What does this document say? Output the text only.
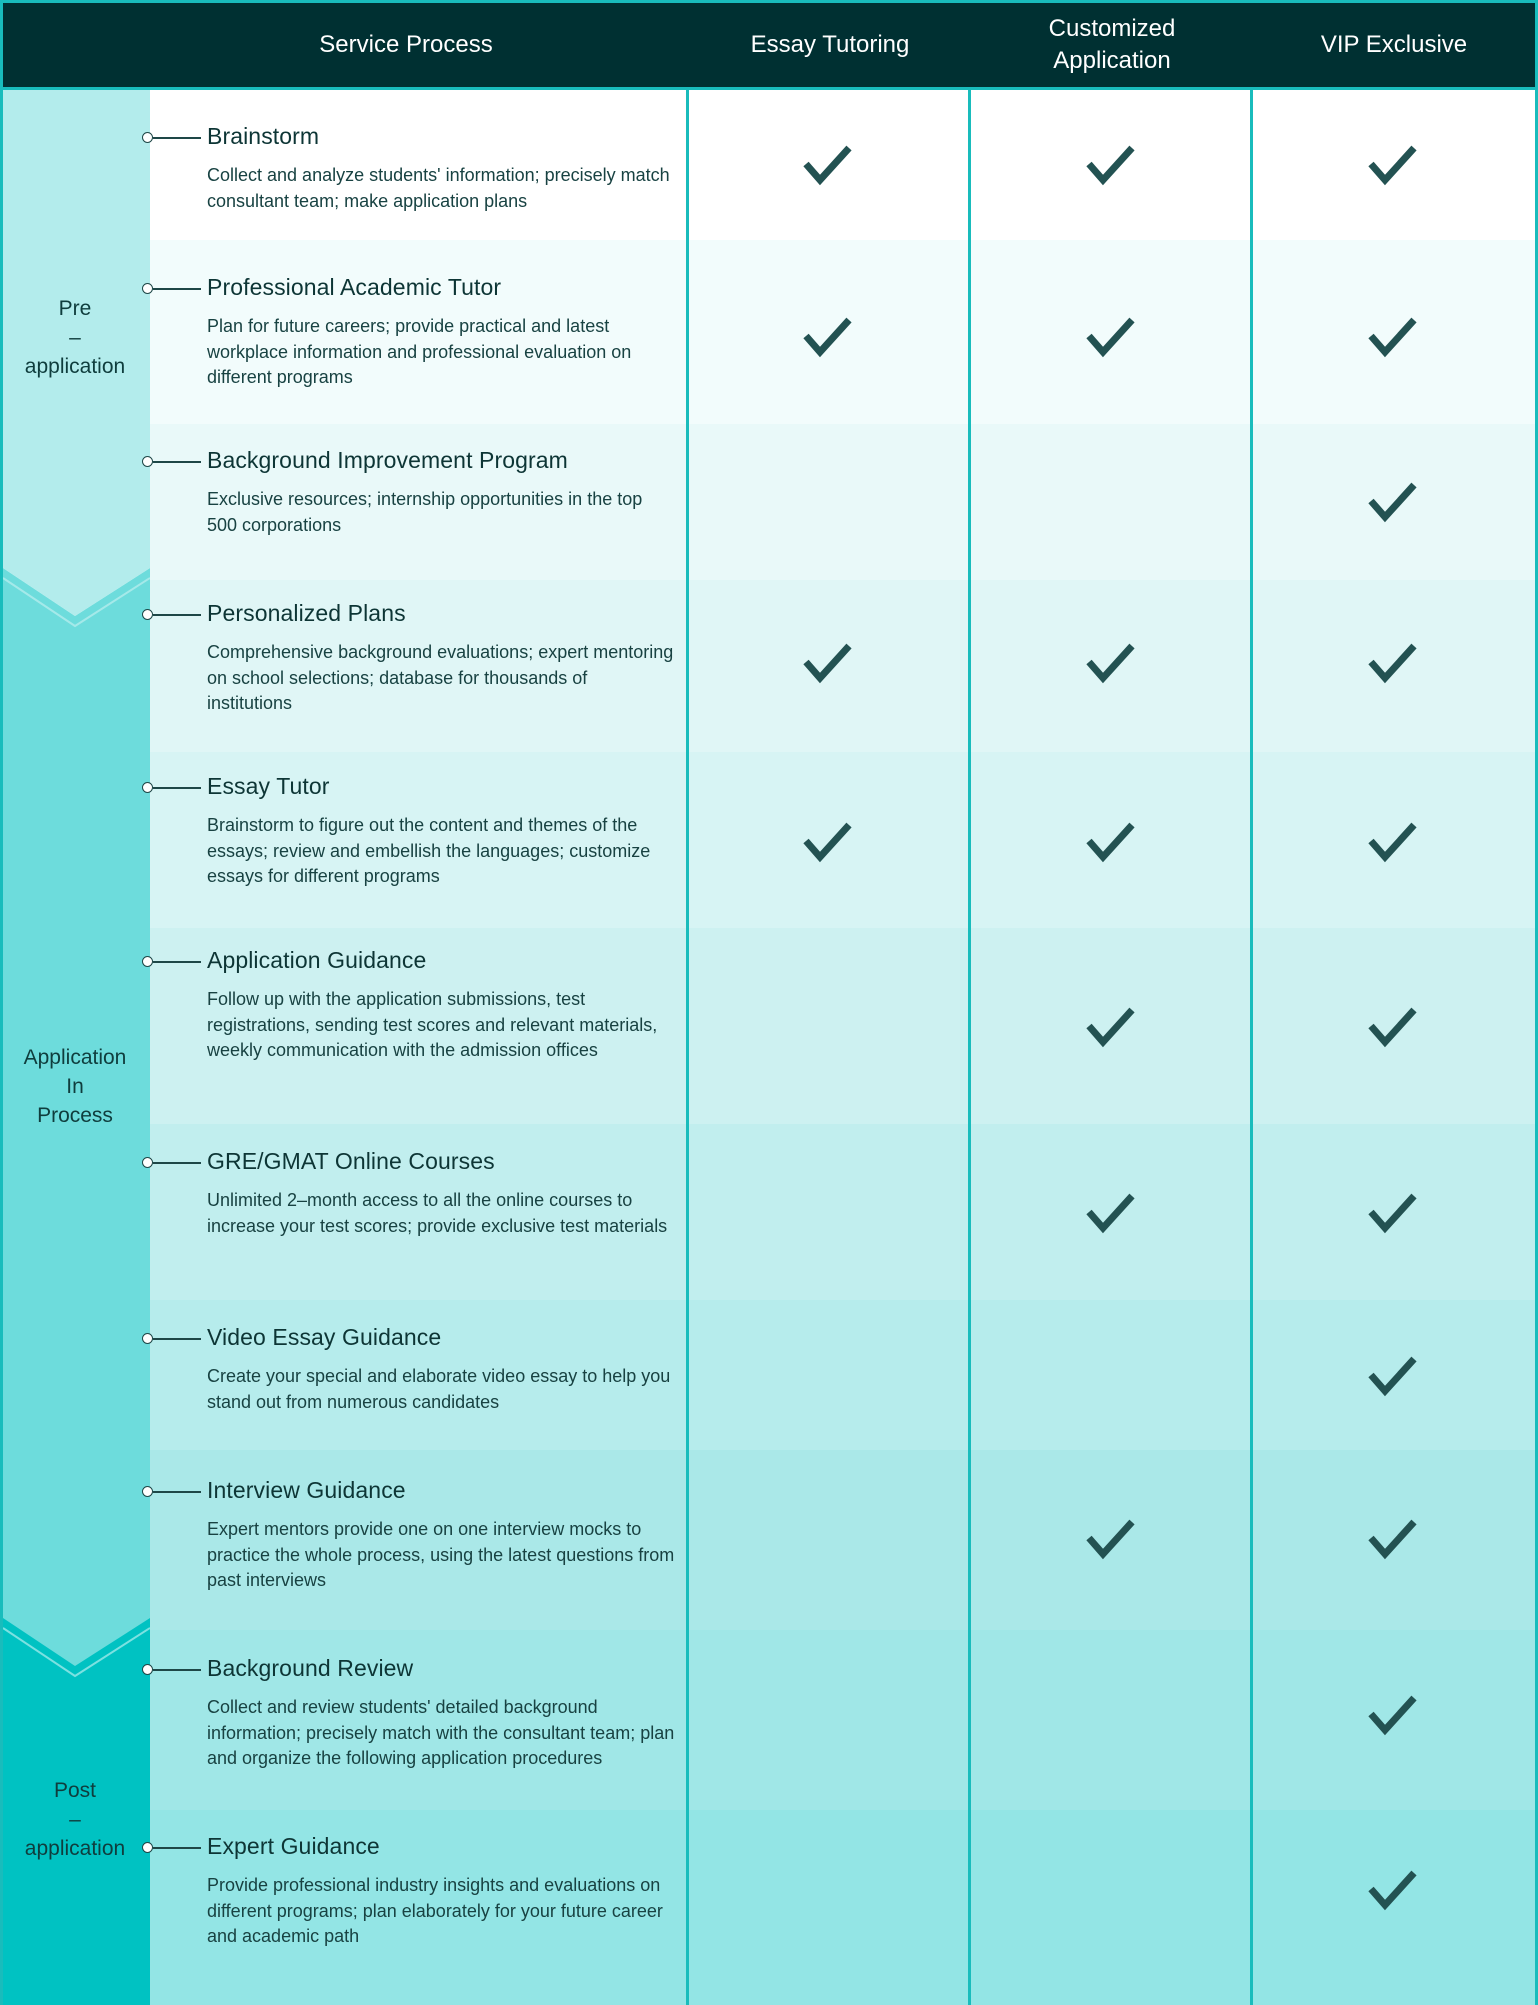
Pre
–
application
Application
In
Process
Post
–
application
Brainstorm
Collect and analyze students' information; precisely match consultant team; make application plans
Professional Academic Tutor
Plan for future careers; provide practical and latest workplace information and professional evaluation on different programs
Background Improvement Program
Exclusive resources; internship opportunities in the top 500 corporations
Personalized Plans
Comprehensive background evaluations; expert mentoring on school selections; database for thousands of institutions
Essay Tutor
Brainstorm to figure out the content and themes of the essays; review and embellish the languages; customize essays for different programs
Application Guidance
Follow up with the application submissions, test registrations, sending test scores and relevant materials, weekly communication with the admission offices
GRE/GMAT Online Courses
Unlimited 2–month access to all the online courses to increase your test scores; provide exclusive test materials
Video Essay Guidance
Create your special and elaborate video essay to help you stand out from numerous candidates
Interview Guidance
Expert mentors provide one on one interview mocks to practice the whole process, using the latest questions from past interviews
Background Review
Collect and review students' detailed background information; precisely match with the consultant team; plan and organize the following application procedures
Expert Guidance
Provide professional industry insights and evaluations on different programs; plan elaborately for your future career and academic path
Service Process	Essay Tutoring
Customized
Application
VIP Exclusive
